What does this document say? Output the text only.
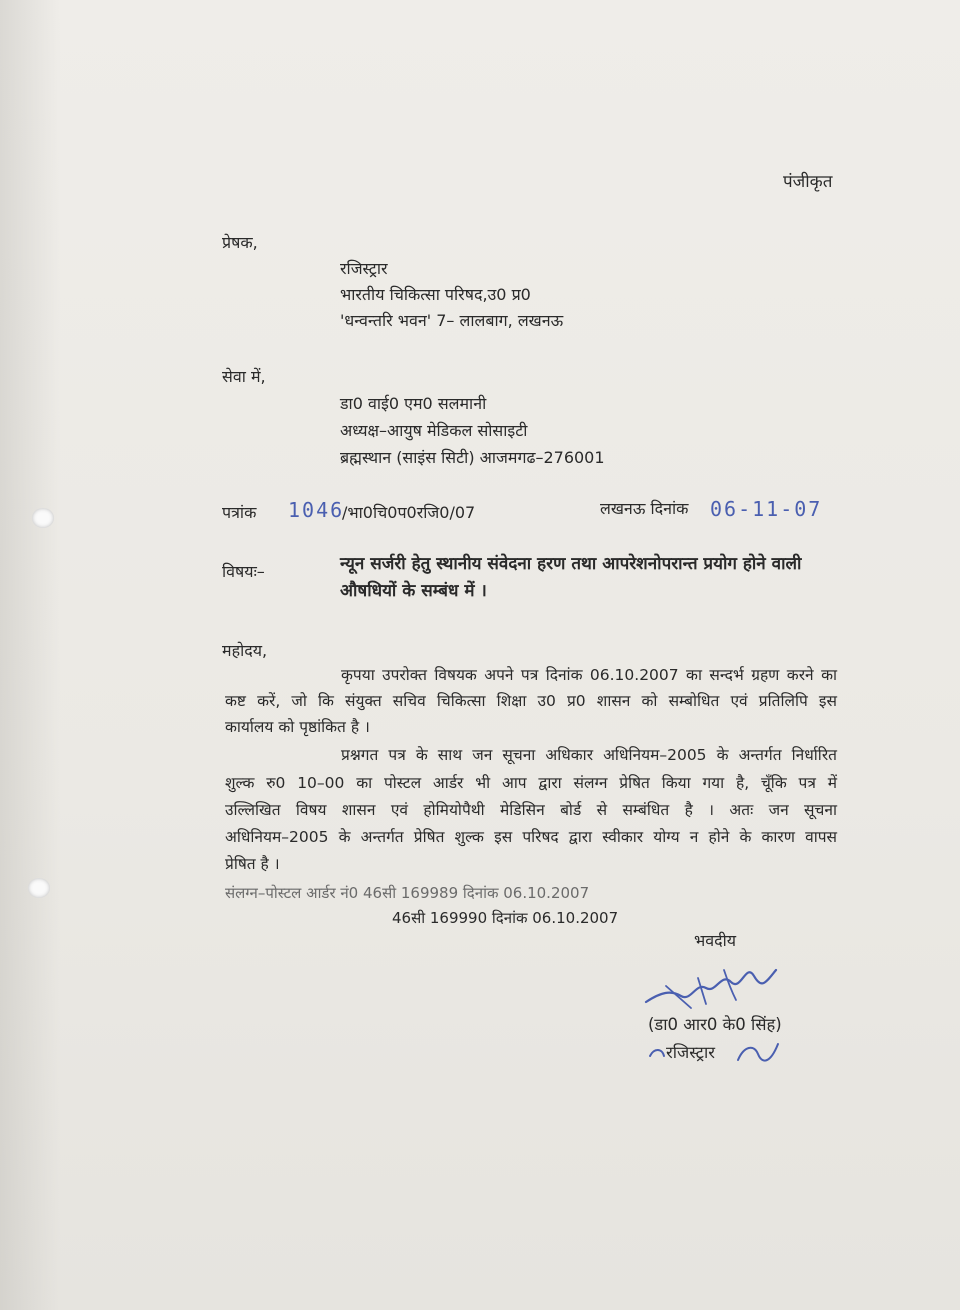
पंजीकृत
प्रेषक,
रजिस्ट्रार
भारतीय चिकित्सा परिषद,उ0 प्र0
'धन्वन्तरि भवन' 7– लालबाग, लखनऊ
सेवा में,
डा0 वाई0 एम0 सलमानी
अध्यक्ष–आयुष मेडिकल सोसाइटी
ब्रह्मस्थान (साइंस सिटी) आजमगढ–276001
पत्रांक 1046
/भा0चि0प0रजि0/07	लखनऊ दिनांक 06-11-07
विषयः–	न्यून सर्जरी हेतु स्थानीय संवेदना हरण तथा आपरेशनोपरान्त प्रयोग होने वाली
औषधियों के सम्बंध में ।
महोदय,
कृपया उपरोक्त विषयक अपने पत्र दिनांक 06.10.2007 का सन्दर्भ ग्रहण करने का
कष्ट करें, जो कि संयुक्त सचिव चिकित्सा शिक्षा उ0 प्र0 शासन को सम्बोधित एवं प्रतिलिपि इस
कार्यालय को पृष्ठांकित है ।
प्रश्नगत पत्र के साथ जन सूचना अधिकार अधिनियम–2005 के अन्तर्गत निर्धारित
शुल्क रु0 10–00 का पोस्टल आर्डर भी आप द्वारा संलग्न प्रेषित किया गया है, चूँकि पत्र में
उल्लिखित विषय शासन एवं होमियोपैथी मेडिसिन बोर्ड से सम्बंधित है । अतः जन सूचना
अधिनियम–2005 के अन्तर्गत प्रेषित शुल्क इस परिषद द्वारा स्वीकार योग्य न होने के कारण वापस
प्रेषित है ।
संलग्न–पोस्टल आर्डर नं0 46सी 169989 दिनांक 06.10.2007
46सी 169990 दिनांक 06.10.2007
भवदीय
(डा0 आर0 के0 सिंह)
रजिस्ट्रार
